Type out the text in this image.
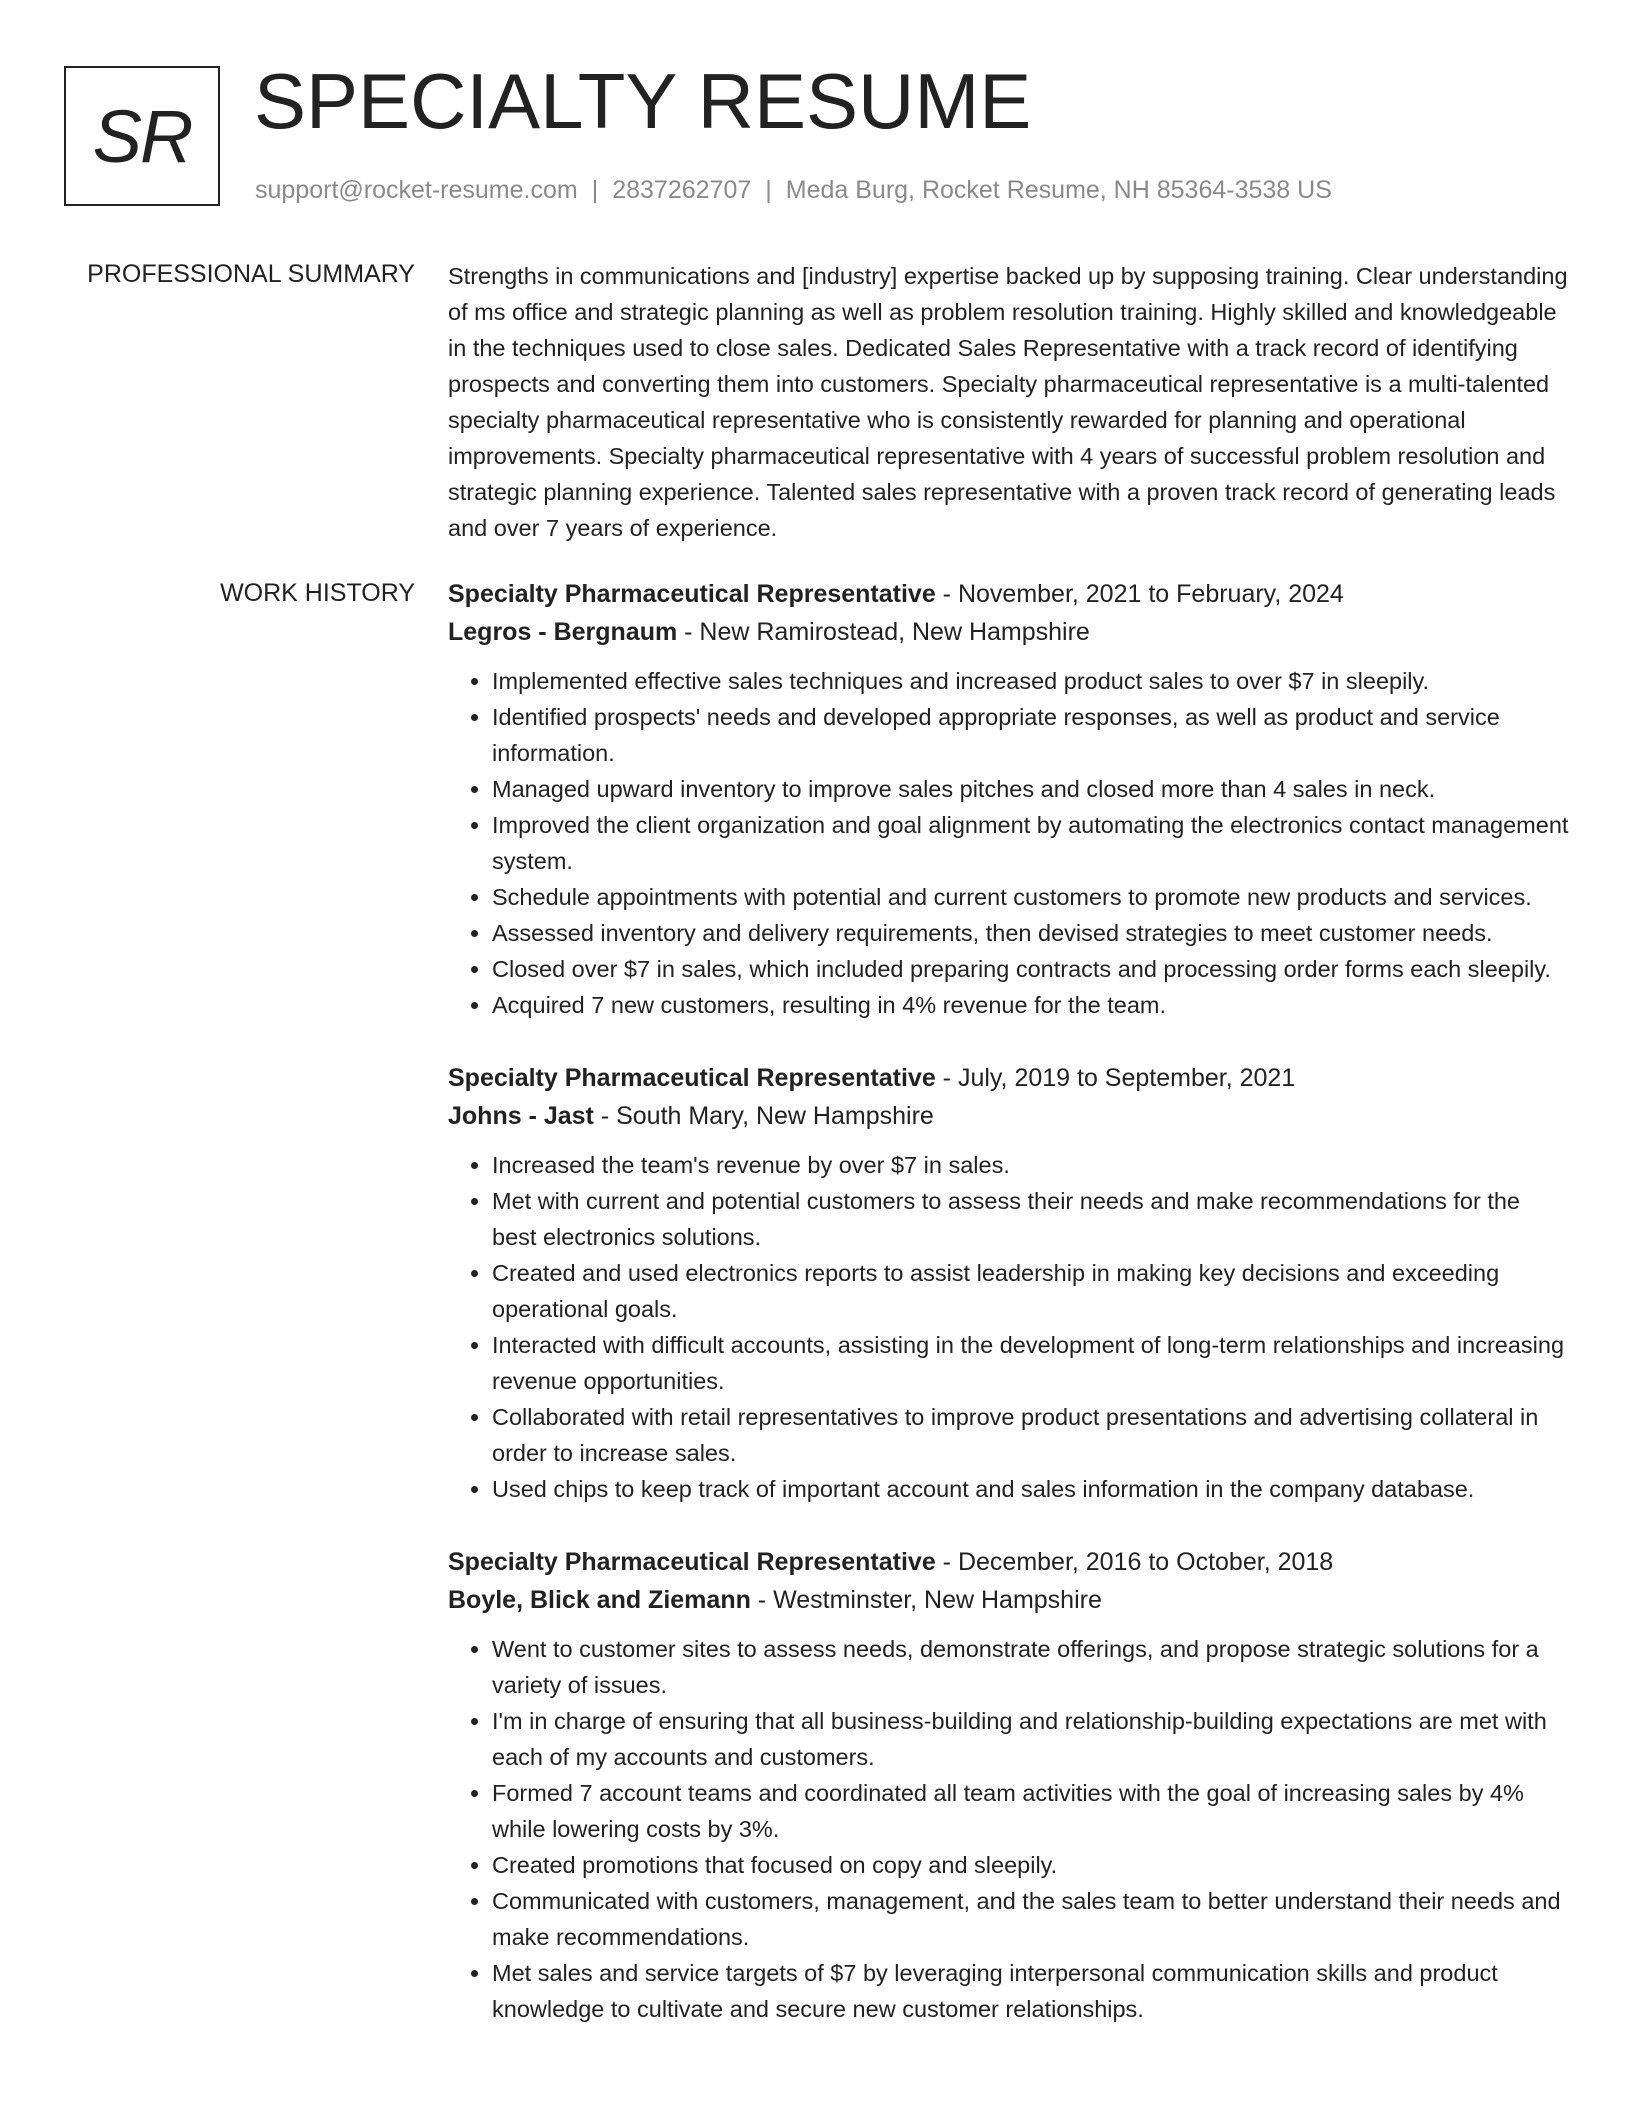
SR SPECIALTY RESUME
support@rocket-resume.com | 2837262707 | Meda Burg, Rocket Resume, NH 85364-3538 US
PROFESSIONAL SUMMARY Strengths in communications and [industry] expertise backed up by supposing training. Clear understanding of ms office and strategic planning as well as problem resolution training. Highly skilled and knowledgeable in the techniques used to close sales. Dedicated Sales Representative with a track record of identifying prospects and converting them into customers. Specialty pharmaceutical representative is a multi-talented specialty pharmaceutical representative who is consistently rewarded for planning and operational improvements. Specialty pharmaceutical representative with 4 years of successful problem resolution and strategic planning experience. Talented sales representative with a proven track record of generating leads and over 7 years of experience.

WORK HISTORY Specialty Pharmaceutical Representative - November, 2021 to February, 2024
Legros - Bergnaum - New Ramirostead, New Hampshire
• Implemented effective sales techniques and increased product sales to over $7 in sleepily.
• Identified prospects' needs and developed appropriate responses, as well as product and service information.
• Managed upward inventory to improve sales pitches and closed more than 4 sales in neck.
• Improved the client organization and goal alignment by automating the electronics contact management system.
• Schedule appointments with potential and current customers to promote new products and services.
• Assessed inventory and delivery requirements, then devised strategies to meet customer needs.
• Closed over $7 in sales, which included preparing contracts and processing order forms each sleepily.
• Acquired 7 new customers, resulting in 4% revenue for the team.
Specialty Pharmaceutical Representative - July, 2019 to September, 2021
Johns - Jast - South Mary, New Hampshire
• Increased the team's revenue by over $7 in sales.
• Met with current and potential customers to assess their needs and make recommendations for the best electronics solutions.
• Created and used electronics reports to assist leadership in making key decisions and exceeding operational goals.
• Interacted with difficult accounts, assisting in the development of long-term relationships and increasing revenue opportunities.
• Collaborated with retail representatives to improve product presentations and advertising collateral in order to increase sales.
• Used chips to keep track of important account and sales information in the company database.
Specialty Pharmaceutical Representative - December, 2016 to October, 2018
Boyle, Blick and Ziemann - Westminster, New Hampshire
• Went to customer sites to assess needs, demonstrate offerings, and propose strategic solutions for a variety of issues.
• I'm in charge of ensuring that all business-building and relationship-building expectations are met with each of my accounts and customers.
• Formed 7 account teams and coordinated all team activities with the goal of increasing sales by 4% while lowering costs by 3%.
• Created promotions that focused on copy and sleepily.
• Communicated with customers, management, and the sales team to better understand their needs and make recommendations.
• Met sales and service targets of $7 by leveraging interpersonal communication skills and product knowledge to cultivate and secure new customer relationships.
